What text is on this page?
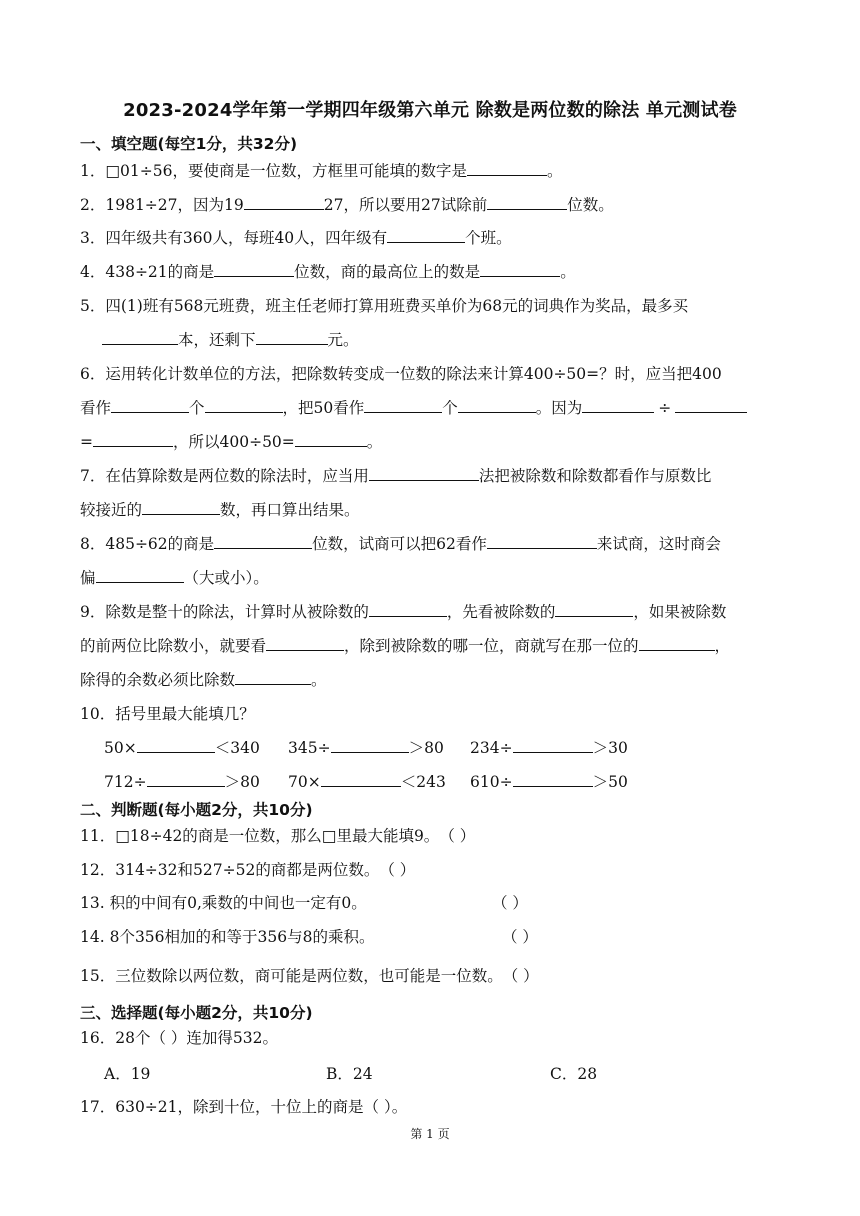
2023-2024学年第一学期四年级第六单元 除数是两位数的除法 单元测试卷
一、填空题(每空1分，共32分)
1．□01÷56，要使商是一位数，方框里可能填的数字是	。
2．1981÷27，因为19	27，所以要用27试除前	位数。
3．四年级共有360人，每班40人，四年级有	个班。
4．438÷21的商是	位数，商的最高位上的数是	。
5．四(1)班有568元班费，班主任老师打算用班费买单价为68元的词典作为奖品，最多买
本，还剩下	元。
6．运用转化计数单位的方法，把除数转变成一位数的除法来计算400÷50=？时，应当把400
看作	个	，把50看作	个	。因为	÷
=	，所以400÷50=	。
7．在估算除数是两位数的除法时，应当用	法把被除数和除数都看作与原数比
较接近的	数，再口算出结果。
8．485÷62的商是	位数，试商可以把62看作	来试商，这时商会
偏	（大或小）。
9．除数是整十的除法，计算时从被除数的	，先看被除数的	，如果被除数
的前两位比除数小，就要看	，除到被除数的哪一位，商就写在那一位的	，
除得的余数必须比除数	。
10．括号里最大能填几？
50×	＜340 345÷	＞80 234÷	＞30
712÷	＞80 70×	＜243 610÷	＞50
二、判断题(每小题2分，共10分)
11．□18÷42的商是一位数，那么□里最大能填9。（ ）
12．314÷32和527÷52的商都是两位数。（ ）
13. 积的中间有0,乘数的中间也一定有0。	（ ）
14. 8个356相加的和等于356与8的乘积。	（ ）
15．三位数除以两位数，商可能是两位数，也可能是一位数。（ ）
三、选择题(每小题2分，共10分)
16．28个（ ）连加得532。
A．19	B．24	C．28
17．630÷21，除到十位，十位上的商是（ ）。
第 1 页
